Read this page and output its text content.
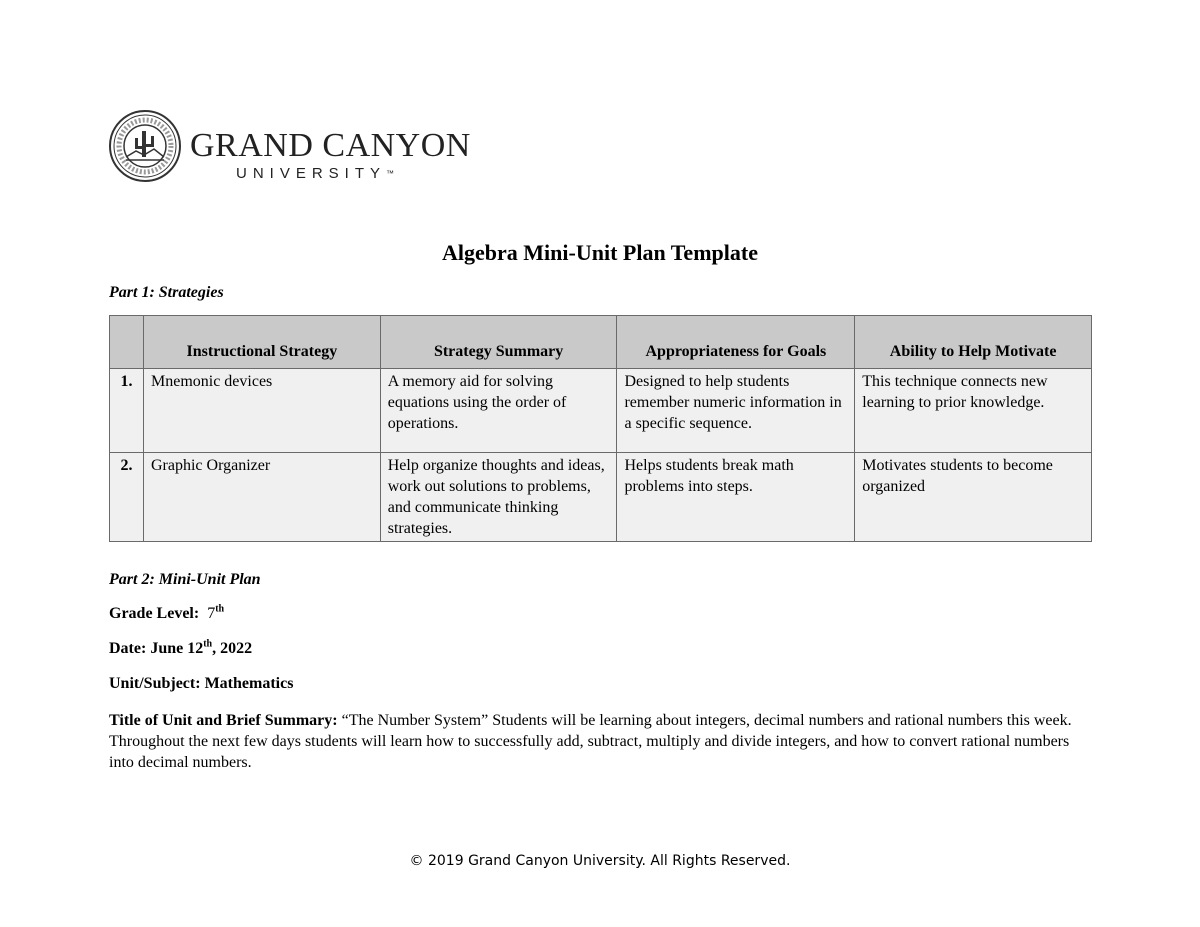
GRAND CANYON
UNIVERSITY™
Algebra Mini-Unit Plan Template
Part 1: Strategies
	Instructional Strategy	Strategy Summary	Appropriateness for Goals	Ability to Help Motivate
1.	Mnemonic devices	A memory aid for solving equations using the order of operations.	Designed to help students remember numeric information in a specific sequence.	This technique connects new learning to prior knowledge.
2.	Graphic Organizer	Help organize thoughts and ideas, work out solutions to problems, and communicate thinking strategies.	Helps students break math problems into steps.	Motivates students to become organized
Part 2: Mini-Unit Plan
Grade Level: 7th
Date: June 12th, 2022
Unit/Subject: Mathematics
Title of Unit and Brief Summary: “The Number System” Students will be learning about integers, decimal numbers and rational numbers this week. Throughout the next few days students will learn how to successfully add, subtract, multiply and divide integers, and how to convert rational numbers into decimal numbers.
© 2019 Grand Canyon University. All Rights Reserved.
